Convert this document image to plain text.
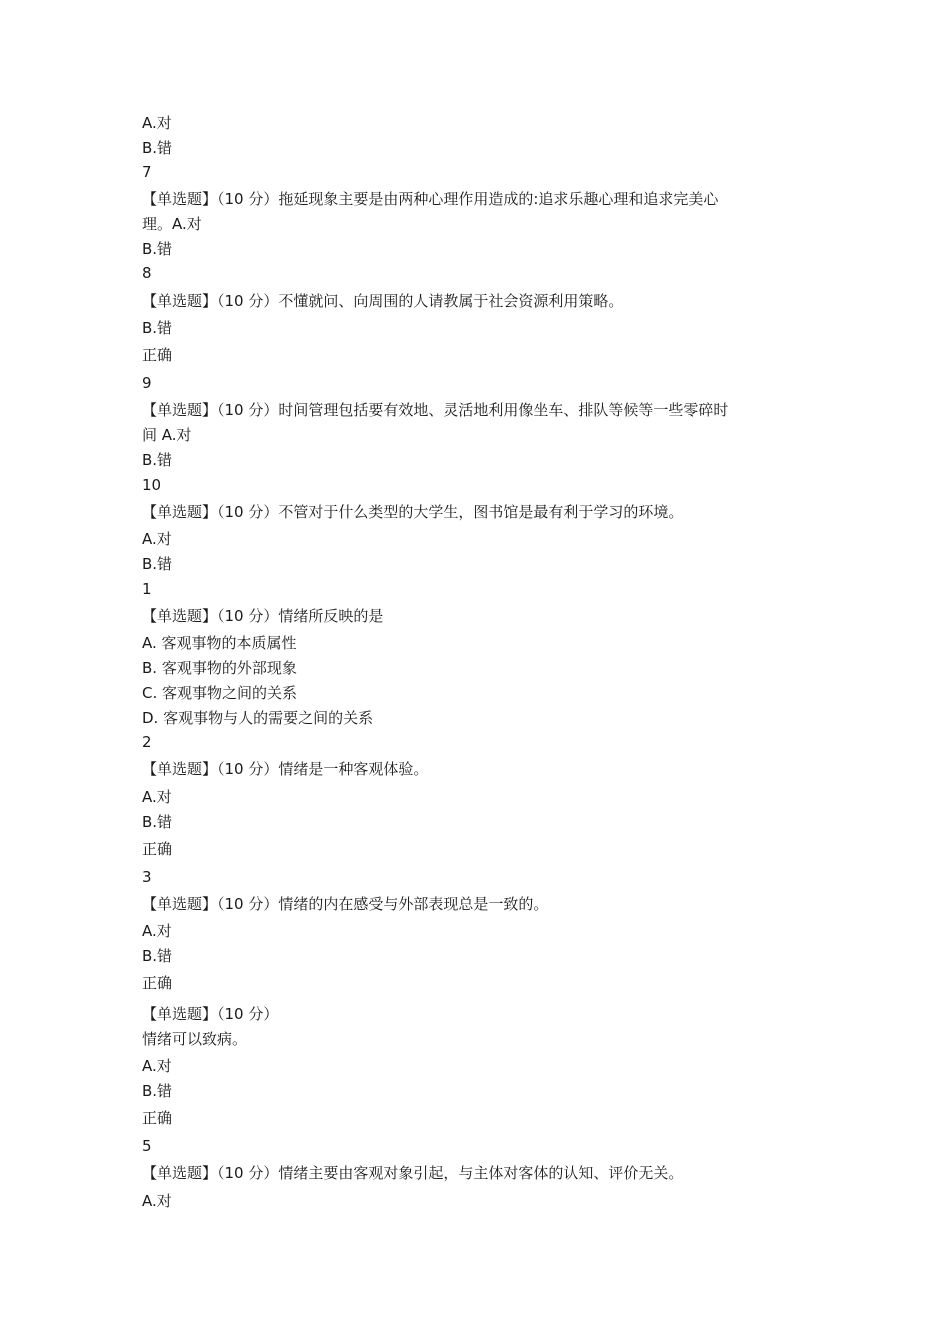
A.对
B.错
7
【单选题】（10 分）拖延现象主要是由两种心理作用造成的:追求乐趣心理和追求完美心
理。A.对
B.错
8
【单选题】（10 分）不懂就问、向周围的人请教属于社会资源利用策略。
B.错
正确
9
【单选题】（10 分）时间管理包括要有效地、灵活地利用像坐车、排队等候等一些零碎时
间 A.对
B.错
10
【单选题】（10 分）不管对于什么类型的大学生，图书馆是最有利于学习的环境。
A.对
B.错
1
【单选题】（10 分）情绪所反映的是
A. 客观事物的本质属性
B. 客观事物的外部现象
C. 客观事物之间的关系
D. 客观事物与人的需要之间的关系
2
【单选题】（10 分）情绪是一种客观体验。
A.对
B.错
正确
3
【单选题】（10 分）情绪的内在感受与外部表现总是一致的。
A.对
B.错
正确
【单选题】（10 分）
情绪可以致病。
A.对
B.错
正确
5
【单选题】（10 分）情绪主要由客观对象引起，与主体对客体的认知、评价无关。
A.对
